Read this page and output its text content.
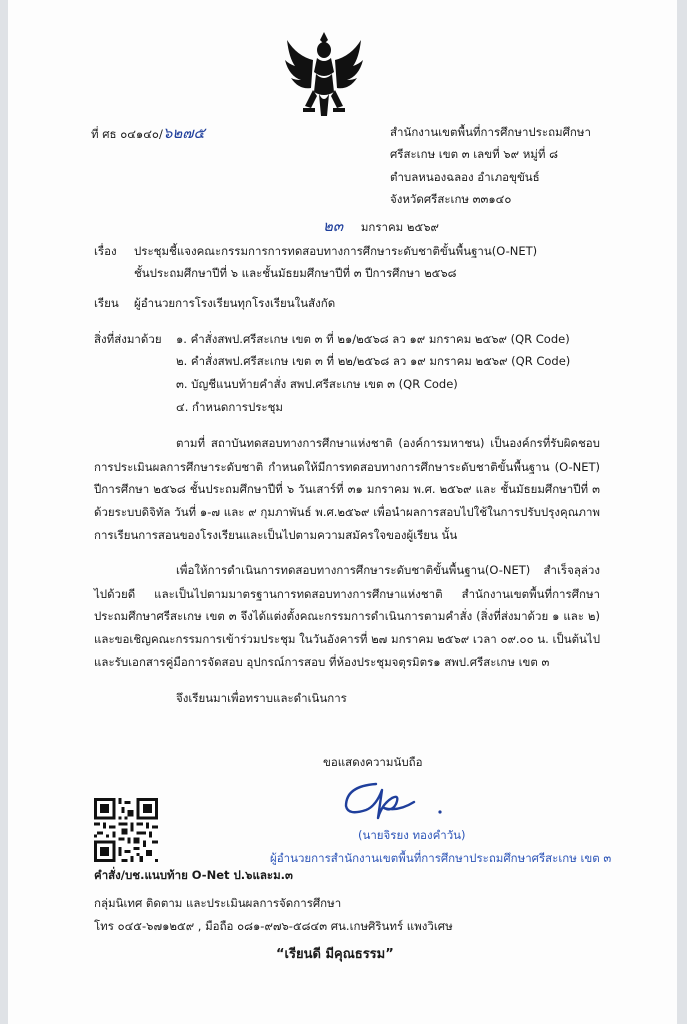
ที่ ศธ ๐๔๑๔๐/๖๒๗๕	สำนักงานเขตพื้นที่การศึกษาประถมศึกษา
ศรีสะเกษ เขต ๓ เลขที่ ๖๙ หมู่ที่ ๘
ตำบลหนองฉลอง อำเภอขุขันธ์
จังหวัดศรีสะเกษ ๓๓๑๔๐
๒๓ มกราคม ๒๕๖๙
เรื่อง ประชุมชี้แจงคณะกรรมการการทดสอบทางการศึกษาระดับชาติขั้นพื้นฐาน(O-NET)
ชั้นประถมศึกษาปีที่ ๖ และชั้นมัธยมศึกษาปีที่ ๓ ปีการศึกษา ๒๕๖๘
เรียน ผู้อำนวยการโรงเรียนทุกโรงเรียนในสังกัด
สิ่งที่ส่งมาด้วย ๑. คำสั่งสพป.ศรีสะเกษ เขต ๓ ที่ ๒๑/๒๕๖๘ ลว ๑๙ มกราคม ๒๕๖๙ (QR Code)
๒. คำสั่งสพป.ศรีสะเกษ เขต ๓ ที่ ๒๒/๒๕๖๘ ลว ๑๙ มกราคม ๒๕๖๙ (QR Code)
๓. บัญชีแนบท้ายคำสั่ง สพป.ศรีสะเกษ เขต ๓ (QR Code)
๔. กำหนดการประชุม
ตามที่ สถาบันทดสอบทางการศึกษาแห่งชาติ (องค์การมหาชน) เป็นองค์กรที่รับผิดชอบ
การประเมินผลการศึกษาระดับชาติ กำหนดให้มีการทดสอบทางการศึกษาระดับชาติขั้นพื้นฐาน (O-NET)
ปีการศึกษา ๒๕๖๘ ชั้นประถมศึกษาปีที่ ๖ วันเสาร์ที่ ๓๑ มกราคม พ.ศ. ๒๕๖๙ และ ชั้นมัธยมศึกษาปีที่ ๓
ด้วยระบบดิจิทัล วันที่ ๑-๗ และ ๙ กุมภาพันธ์ พ.ศ.๒๕๖๙ เพื่อนำผลการสอบไปใช้ในการปรับปรุงคุณภาพ
การเรียนการสอนของโรงเรียนและเป็นไปตามความสมัครใจของผู้เรียน นั้น
เพื่อให้การดำเนินการทดสอบทางการศึกษาระดับชาติขั้นพื้นฐาน(O-NET) สำเร็จลุล่วง
ไปด้วยดี และเป็นไปตามมาตรฐานการทดสอบทางการศึกษาแห่งชาติ สำนักงานเขตพื้นที่การศึกษา
ประถมศึกษาศรีสะเกษ เขต ๓ จึงได้แต่งตั้งคณะกรรมการดำเนินการตามคำสั่ง (สิ่งที่ส่งมาด้วย ๑ และ ๒)
และขอเชิญคณะกรรมการเข้าร่วมประชุม ในวันอังคารที่ ๒๗ มกราคม ๒๕๖๙ เวลา ๐๙.๐๐ น. เป็นต้นไป
และรับเอกสารคู่มือการจัดสอบ อุปกรณ์การสอบ ที่ห้องประชุมจตุรมิตร๑ สพป.ศรีสะเกษ เขต ๓
จึงเรียนมาเพื่อทราบและดำเนินการ
ขอแสดงความนับถือ
(นายจิรยง ทองคำวัน)
ผู้อำนวยการสำนักงานเขตพื้นที่การศึกษาประถมศึกษาศรีสะเกษ เขต ๓
คำสั่ง/บช.แนบท้าย O-Net ป.๖และม.๓
กลุ่มนิเทศ ติดตาม และประเมินผลการจัดการศึกษา
โทร ๐๔๕-๖๗๑๒๕๙ , มือถือ ๐๘๑-๙๗๖-๕๘๔๓ ศน.เกษศิรินทร์ แพงวิเศษ
“เรียนดี มีคุณธรรม”
